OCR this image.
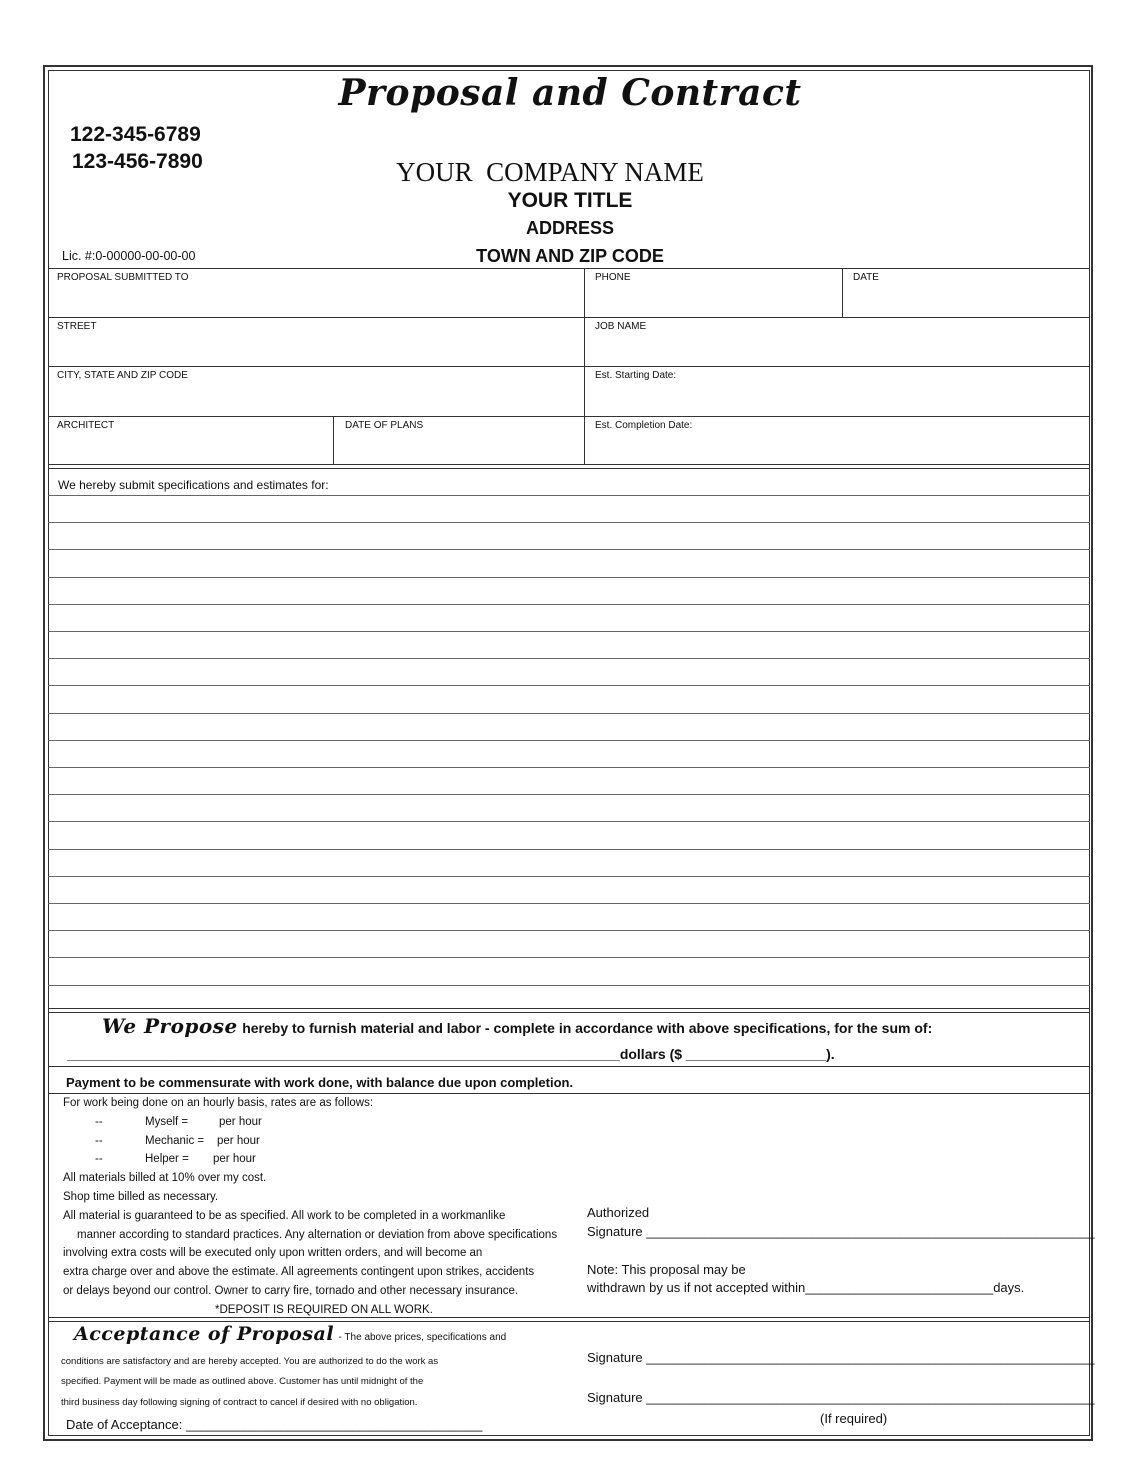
Proposal and Contract
122-345-6789
123-456-7890	YOUR  COMPANY NAME
YOUR TITLE
ADDRESS
TOWN AND ZIP CODE
Lic. #:0-00000-00-00-00
PROPOSAL SUBMITTED TO	PHONE	DATE
STREET	JOB NAME
CITY, STATE AND ZIP CODE	Est. Starting Date:
ARCHITECT	DATE OF PLANS	Est. Completion Date:
We hereby submit specifications and estimates for:
We Propose hereby to furnish material and labor - complete in accordance with above specifications, for the sum of:
_______________________________________________________________________dollars ($ __________________).
Payment to be commensurate with work done, with balance due upon completion.
For work being done on an hourly basis, rates are as follows:
--	Myself =	per hour
--	Mechanic = per hour
--	Helper = per hour
All materials billed at 10% over my cost.
Shop time billed as necessary.
All material is guaranteed to be as specified. All work to be completed in a workmanlike
manner according to standard practices. Any alternation or deviation from above specifications
involving extra costs will be executed only upon written orders, and will become an
extra charge over and above the estimate. All agreements contingent upon strikes, accidents
or delays beyond our control. Owner to carry fire, tornado and other necessary insurance.
*DEPOSIT IS REQUIRED ON ALL WORK.
Authorized
Signature ______________________________________________________________
Note: This proposal may be
withdrawn by us if not accepted within__________________________days.
Acceptance of Proposal - The above prices, specifications and
conditions are satisfactory and are hereby accepted. You are authorized to do the work as
specified. Payment will be made as outlined above. Customer has until midnight of the
third business day following signing of contract to cancel if desired with no obligation.
Date of Acceptance: _________________________________________
Signature ______________________________________________________________
Signature ______________________________________________________________
(If required)
